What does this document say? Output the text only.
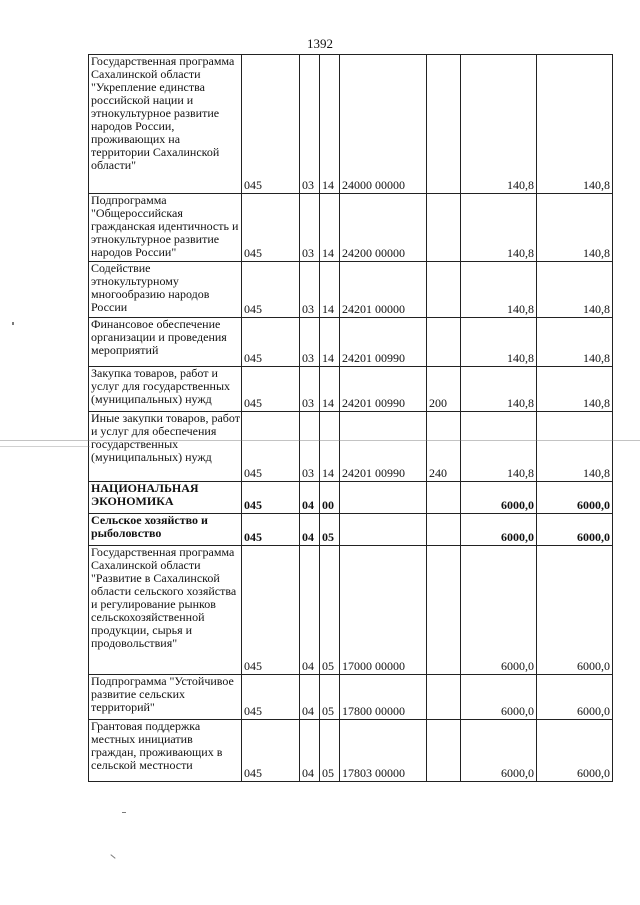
1392
Государственная программа Сахалинской области "Укрепление единства российской нации и этнокультурное развитие народов России, проживающих на территории Сахалинской области"	045	03	14	24000 00000		140,8	140,8
Подпрограмма "Общероссийская гражданская идентичность и этнокультурное развитие народов России"	045	03	14	24200 00000		140,8	140,8
Содействие этнокультурному многообразию народов России	045	03	14	24201 00000		140,8	140,8
Финансовое обеспечение организации и проведения мероприятий	045	03	14	24201 00990		140,8	140,8
Закупка товаров, работ и услуг для государственных (муниципальных) нужд	045	03	14	24201 00990	200	140,8	140,8
Иные закупки товаров, работ и услуг для обеспечения государственных (муниципальных) нужд	045	03	14	24201 00990	240	140,8	140,8
НАЦИОНАЛЬНАЯ ЭКОНОМИКА	045	04	00			6000,0	6000,0
Сельское хозяйство и рыболовство	045	04	05			6000,0	6000,0
Государственная программа Сахалинской области "Развитие в Сахалинской области сельского хозяйства и регулирование рынков сельскохозяйственной продукции, сырья и продовольствия"	045	04	05	17000 00000		6000,0	6000,0
Подпрограмма "Устойчивое развитие сельских территорий"	045	04	05	17800 00000		6000,0	6000,0
Грантовая поддержка местных инициатив граждан, проживающих в сельской местности	045	04	05	17803 00000		6000,0	6000,0
